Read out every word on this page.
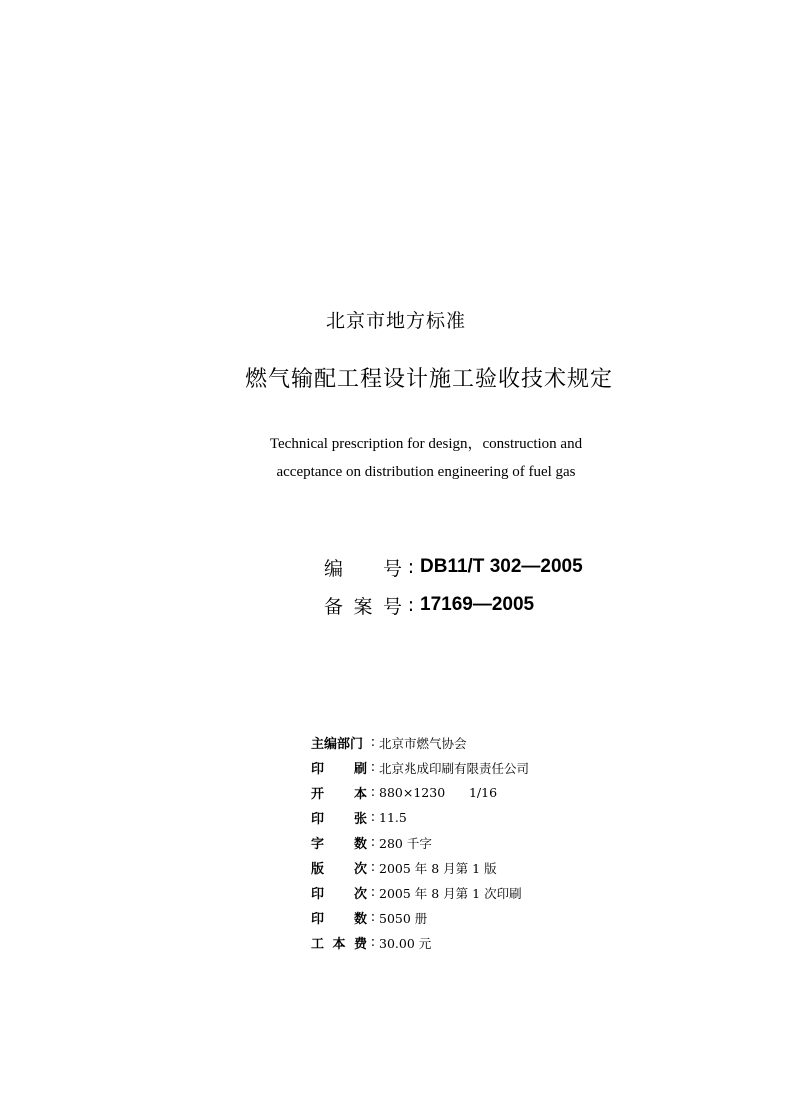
北京市地方标准
燃气输配工程设计施工验收技术规定
Technical prescription for design，construction and
acceptance on distribution engineering of fuel gas
编 号 : DB11/T 302—2005
备 案 号 : 17169—2005
主编部门 : 北京市燃气协会
印 刷 : 北京兆成印刷有限责任公司
开 本 : 880×1230      1/16
印 张 : 11.5
字 数 : 280 千字
版 次 : 2005 年 8 月第 1 版
印 次 : 2005 年 8 月第 1 次印刷
印 数 : 5050 册
工 本 费 : 30.00 元
